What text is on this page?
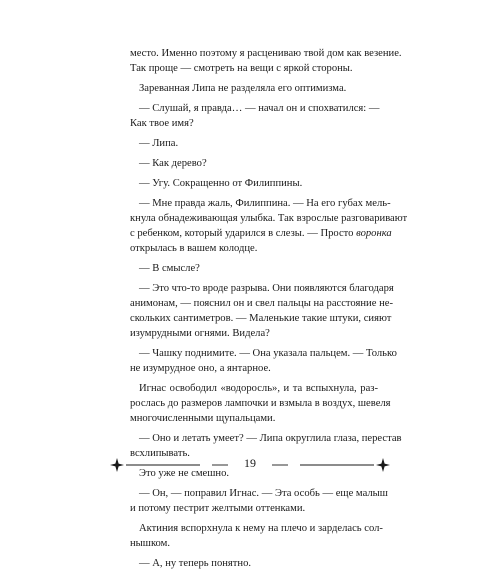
место. Именно поэтому я расцениваю твой дом как везение.
Так проще — смотреть на вещи с яркой стороны.
Зареванная Липа не разделяла его оптимизма.
— Слушай, я правда… — начал он и спохватился: —
Как твое имя?
— Липа.
— Как дерево?
— Угу. Сокращенно от Филиппины.
— Мне правда жаль, Филиппина. — На его губах мель-
кнула обнадеживающая улыбка. Так взрослые разговаривают
с ребенком, который ударился в слезы. — Просто воронка
открылась в вашем колодце.
— В смысле?
— Это что-то вроде разрыва. Они появляются благодаря
анимонам, — пояснил он и свел пальцы на расстояние не-
скольких сантиметров. — Маленькие такие штуки, сияют
изумрудными огнями. Видела?
— Чашку поднимите. — Она указала пальцем. — Только
не изумрудное оно, а янтарное.
Игнас освободил «водоросль», и та вспыхнула, раз-
рослась до размеров лампочки и взмыла в воздух, шевеля
многочисленными щупальцами.
— Оно и летать умеет? — Липа округлила глаза, перестав
всхлипывать.
Это уже не смешно.
— Он, — поправил Игнас. — Эта особь — еще малыш
и потому пестрит желтыми оттенками.
Актиния вспорхнула к нему на плечо и зарделась сол-
нышком.
— А, ну теперь понятно.
19
